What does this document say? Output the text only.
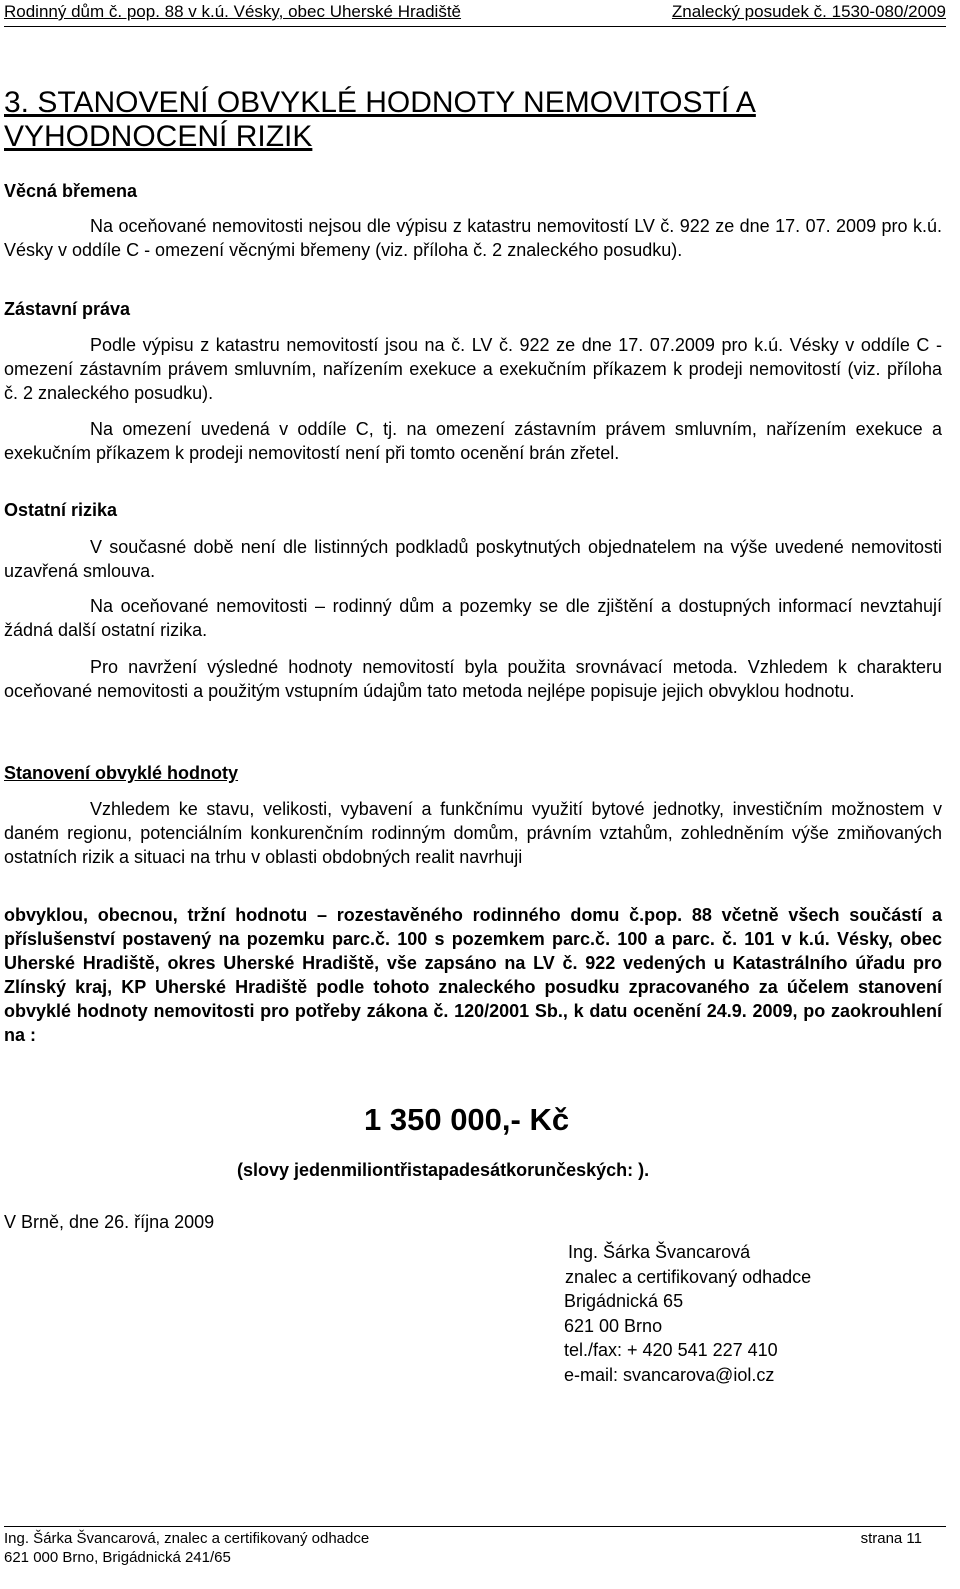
Rodinný dům č. pop. 88 v k.ú. Vésky, obec Uherské Hradiště	Znalecký posudek č. 1530-080/2009
3. STANOVENÍ OBVYKLÉ HODNOTY NEMOVITOSTÍ A VYHODNOCENÍ RIZIK
Věcná břemena

Na oceňované nemovitosti nejsou dle výpisu z katastru nemovitostí LV č. 922 ze dne 17. 07. 2009 pro k.ú. Vésky v oddíle C - omezení věcnými břemeny (viz. příloha č. 2 znaleckého posudku).

Zástavní práva

Podle výpisu z katastru nemovitostí jsou na č. LV č. 922 ze dne 17. 07.2009 pro k.ú. Vésky v oddíle C - omezení zástavním právem smluvním, nařízením exekuce a exekučním příkazem k prodeji nemovitostí (viz. příloha č. 2 znaleckého posudku).

Na omezení uvedená v oddíle C, tj. na omezení zástavním právem smluvním, nařízením exekuce a exekučním příkazem k prodeji nemovitostí není při tomto ocenění brán zřetel.

Ostatní rizika

V současné době není dle listinných podkladů poskytnutých objednatelem na výše uvedené nemovitosti uzavřená smlouva.

Na oceňované nemovitosti – rodinný dům a pozemky se dle zjištění a dostupných informací nevztahují žádná další ostatní rizika.

Pro navržení výsledné hodnoty nemovitostí byla použita srovnávací metoda. Vzhledem k charakteru oceňované nemovitosti a použitým vstupním údajům tato metoda nejlépe popisuje jejich obvyklou hodnotu.

Stanovení obvyklé hodnoty

Vzhledem ke stavu, velikosti, vybavení a funkčnímu využití bytové jednotky, investičním možnostem v daném regionu, potenciálním konkurenčním rodinným domům, právním vztahům, zohledněním výše zmiňovaných ostatních rizik a situaci na trhu v oblasti obdobných realit navrhuji

obvyklou, obecnou, tržní hodnotu – rozestavěného rodinného domu č.pop. 88 včetně všech součástí a příslušenství postavený na pozemku parc.č. 100 s pozemkem parc.č. 100 a parc. č. 101 v k.ú. Vésky, obec Uherské Hradiště, okres Uherské Hradiště, vše zapsáno na LV č. 922 vedených u Katastrálního úřadu pro Zlínský kraj, KP Uherské Hradiště podle tohoto znaleckého posudku zpracovaného za účelem stanovení obvyklé hodnoty nemovitosti pro potřeby zákona č. 120/2001 Sb., k datu ocenění 24.9. 2009, po zaokrouhlení na :

1 350 000,- Kč
(slovy jedenmiliontřistapadesátkorunčeských: ).
V Brně, dne 26. října 2009
Ing. Šárka Švancarová
znalec a certifikovaný odhadce
Brigádnická 65
621 00 Brno
tel./fax: + 420 541 227 410
e-mail: svancarova@iol.cz
Ing. Šárka Švancarová, znalec a certifikovaný odhadce	strana 11
621 000 Brno, Brigádnická 241/65
